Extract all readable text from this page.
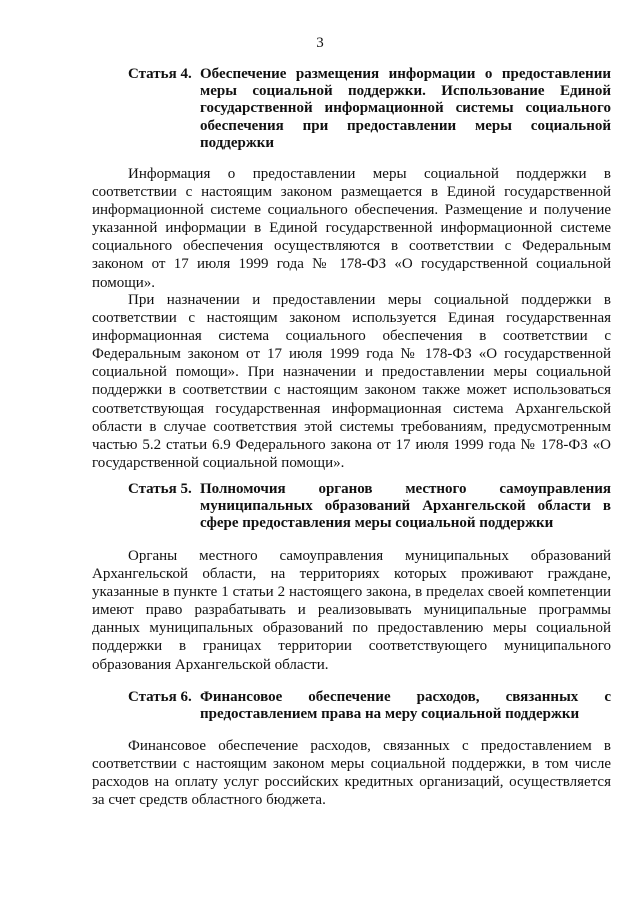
3
Статья 4. Обеспечение размещения информации о предоставлении меры социальной поддержки. Использование Единой государственной информационной системы социального обеспечения при предоставлении меры социальной поддержки

Информация о предоставлении меры социальной поддержки в соответствии с настоящим законом размещается в Единой государственной информационной системе социального обеспечения. Размещение и получение указанной информации в Единой государственной информационной системе социального обеспечения осуществляются в соответствии с Федеральным законом от 17 июля 1999 года № 178-ФЗ «О государственной социальной помощи».

При назначении и предоставлении меры социальной поддержки в соответствии с настоящим законом используется Единая государственная информационная система социального обеспечения в соответствии с Федеральным законом от 17 июля 1999 года № 178-ФЗ «О государственной социальной помощи». При назначении и предоставлении меры социальной поддержки в соответствии с настоящим законом также может использоваться соответствующая государственная информационная система Архангельской области в случае соответствия этой системы требованиям, предусмотренным частью 5.2 статьи 6.9 Федерального закона от 17 июля 1999 года № 178-ФЗ «О государственной социальной помощи».

Статья 5. Полномочия органов местного самоуправления муниципальных образований Архангельской области в сфере предоставления меры социальной поддержки

Органы местного самоуправления муниципальных образований Архангельской области, на территориях которых проживают граждане, указанные в пункте 1 статьи 2 настоящего закона, в пределах своей компетенции имеют право разрабатывать и реализовывать муниципальные программы данных муниципальных образований по предоставлению меры социальной поддержки в границах территории соответствующего муниципального образования Архангельской области.

Статья 6. Финансовое обеспечение расходов, связанных с предоставлением права на меру социальной поддержки

Финансовое обеспечение расходов, связанных с предоставлением в соответствии с настоящим законом меры социальной поддержки, в том числе расходов на оплату услуг российских кредитных организаций, осуществляется за счет средств областного бюджета.
